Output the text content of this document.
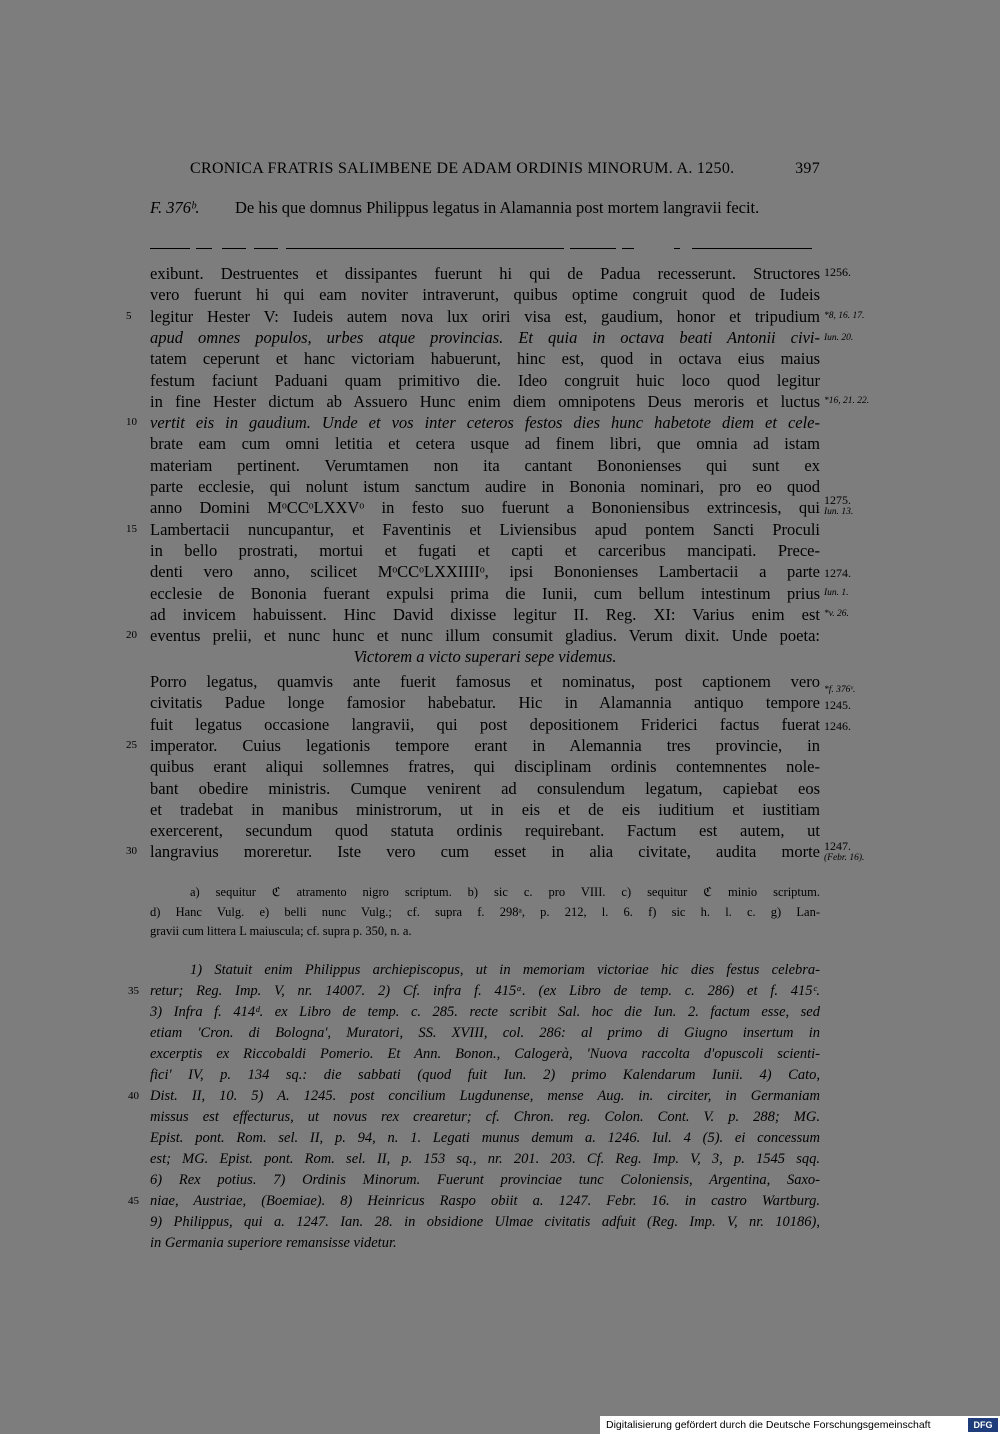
CRONICA FRATRIS SALIMBENE DE ADAM ORDINIS MINORUM. A. 1250.	397
F. 376ᵇ. De his que domnus Philippus legatus in Alamannia post mortem langravii fecit.
exibunt. Destruentes et dissipantes fuerunt hi qui de Padua recesserunt. Structores
vero fuerunt hi qui eam noviter intraverunt, quibus optime congruit quod de Iudeis
legitur Hester V: Iudeis autem nova lux oriri visa est, gaudium, honor et tripudium
apud omnes populos, urbes atque provincias. Et quia in octava beati Antonii civi-
tatem ceperunt et hanc victoriam habuerunt, hinc est, quod in octava eius maius
festum faciunt Paduani quam primitivo die. Ideo congruit huic loco quod legitur
in fine Hester dictum ab Assuero Hunc enim diem omnipotens Deus meroris et luctus
vertit eis in gaudium. Unde et vos inter ceteros festos dies hunc habetote diem et cele-
brate eam cum omni letitia et cetera usque ad finem libri, que omnia ad istam
materiam pertinent. Verumtamen non ita cantant Bononienses qui sunt ex
parte ecclesie, qui nolunt istum sanctum audire in Bononia nominari, pro eo quod
anno Domini MᵒCCᵒLXXVᵒ in festo suo fuerunt a Bononiensibus extrincesis, qui
Lambertacii nuncupantur, et Faventinis et Liviensibus apud pontem Sancti Proculi
in bello prostrati, mortui et fugati et capti et carceribus mancipati. Prece-
denti vero anno, scilicet MᵒCCᵒLXXIIIIᵒ, ipsi Bononienses Lambertacii a parte
ecclesie de Bononia fuerant expulsi prima die Iunii, cum bellum intestinum prius
ad invicem habuissent. Hinc David dixisse legitur II. Reg. XI: Varius enim est
eventus prelii, et nunc hunc et nunc illum consumit gladius. Verum dixit. Unde poeta:
Victorem a victo superari sepe videmus.
Porro legatus, quamvis ante fuerit famosus et nominatus, post captionem vero
civitatis Padue longe famosior habebatur. Hic in Alamannia antiquo tempore
fuit legatus occasione langravii, qui post depositionem Friderici factus fuerat
imperator. Cuius legationis tempore erant in Alemannia tres provincie, in
quibus erant aliqui sollemnes fratres, qui disciplinam ordinis contemnentes nole-
bant obedire ministris. Cumque venirent ad consulendum legatum, capiebat eos
et tradebat in manibus ministrorum, ut in eis et de eis iuditium et iustitiam
exercerent, secundum quod statuta ordinis requirebant. Factum est autem, ut
langravius moreretur. Iste vero cum esset in alia civitate, audita morte
5
10
15
20
25
30
1256.
*8, 16. 17.
Iun. 20.
*16, 21. 22.
1275.
Iun. 13.
1274.
Iun. 1.
*v. 26.
*f. 376ᵛ.
1245.
1246.
1247.
(Febr. 16).
a) sequitur ℭ atramento nigro scriptum. b) sic c. pro VIII. c) sequitur ℭ minio scriptum.
d) Hanc Vulg. e) belli nunc Vulg.; cf. supra f. 298ᵃ, p. 212, l. 6. f) sic h. l. c. g) Lan-
gravii cum littera L maiuscula; cf. supra p. 350, n. a.
1) Statuit enim Philippus archiepiscopus, ut in memoriam victoriae hic dies festus celebra-
retur; Reg. Imp. V, nr. 14007. 2) Cf. infra f. 415ᵃ. (ex Libro de temp. c. 286) et f. 415ᶜ.
3) Infra f. 414ᵈ. ex Libro de temp. c. 285. recte scribit Sal. hoc die Iun. 2. factum esse, sed
etiam 'Cron. di Bologna', Muratori, SS. XVIII, col. 286: al primo di Giugno insertum in
excerptis ex Riccobaldi Pomerio. Et Ann. Bonon., Calogerà, 'Nuova raccolta d'opuscoli scienti-
fici' IV, p. 134 sq.: die sabbati (quod fuit Iun. 2) primo Kalendarum Iunii. 4) Cato,
Dist. II, 10. 5) A. 1245. post concilium Lugdunense, mense Aug. in. circiter, in Germaniam
missus est effecturus, ut novus rex crearetur; cf. Chron. reg. Colon. Cont. V. p. 288; MG.
Epist. pont. Rom. sel. II, p. 94, n. 1. Legati munus demum a. 1246. Iul. 4 (5). ei concessum
est; MG. Epist. pont. Rom. sel. II, p. 153 sq., nr. 201. 203. Cf. Reg. Imp. V, 3, p. 1545 sqq.
6) Rex potius. 7) Ordinis Minorum. Fuerunt provinciae tunc Coloniensis, Argentina, Saxo-
niae, Austriae, (Boemiae). 8) Heinricus Raspo obiit a. 1247. Febr. 16. in castro Wartburg.
9) Philippus, qui a. 1247. Ian. 28. in obsidione Ulmae civitatis adfuit (Reg. Imp. V, nr. 10186),
in Germania superiore remansisse videtur.
35
40
45
Digitalisierung gefördert durch die Deutsche Forschungsgemeinschaft	DFG
